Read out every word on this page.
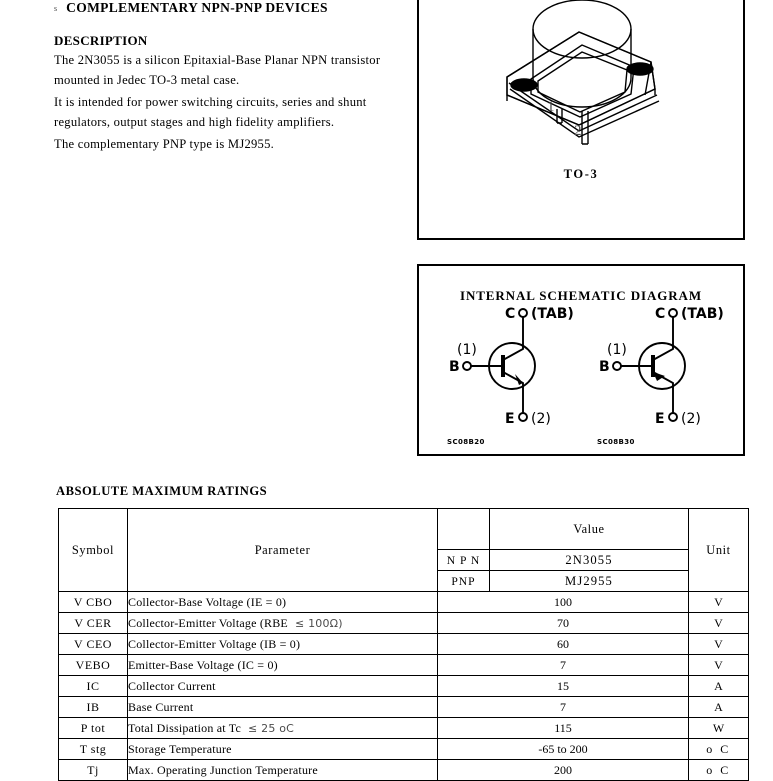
s COMPLEMENTARY NPN-PNP DEVICES
DESCRIPTION
The 2N3055 is a silicon Epitaxial-Base Planar NPN transistor mounted in Jedec TO-3 metal case.
It is intended for power switching circuits, series and shunt regulators, output stages and high fidelity amplifiers.
The complementary PNP type is MJ2955.
1
2
TO-3
INTERNAL SCHEMATIC DIAGRAM
B
(1)
C (TAB)
E (2)
SC08B20
B
(1)
C (TAB)
E (2)
SC08B30
ABSOLUTE MAXIMUM RATINGS
Symbol	Parameter		Value	Unit
		N P N	2N3055	
		PNP	MJ2955	
V CBO	Collector-Base Voltage (IE = 0)	100		V
V CER	Collector-Emitter Voltage (RBE ≤ 100Ω)	70		V
V CEO	Collector-Emitter Voltage (IB = 0)	60		V
VEBO	Emitter-Base Voltage (IC = 0)	7		V
IC	Collector Current	15		A
IB	Base Current	7		A
P tot	Total Dissipation at Tc ≤ 25 oC	115		W
T stg	Storage Temperature	-65 to 200		o C
Tj	Max. Operating Junction Temperature	200		o C
